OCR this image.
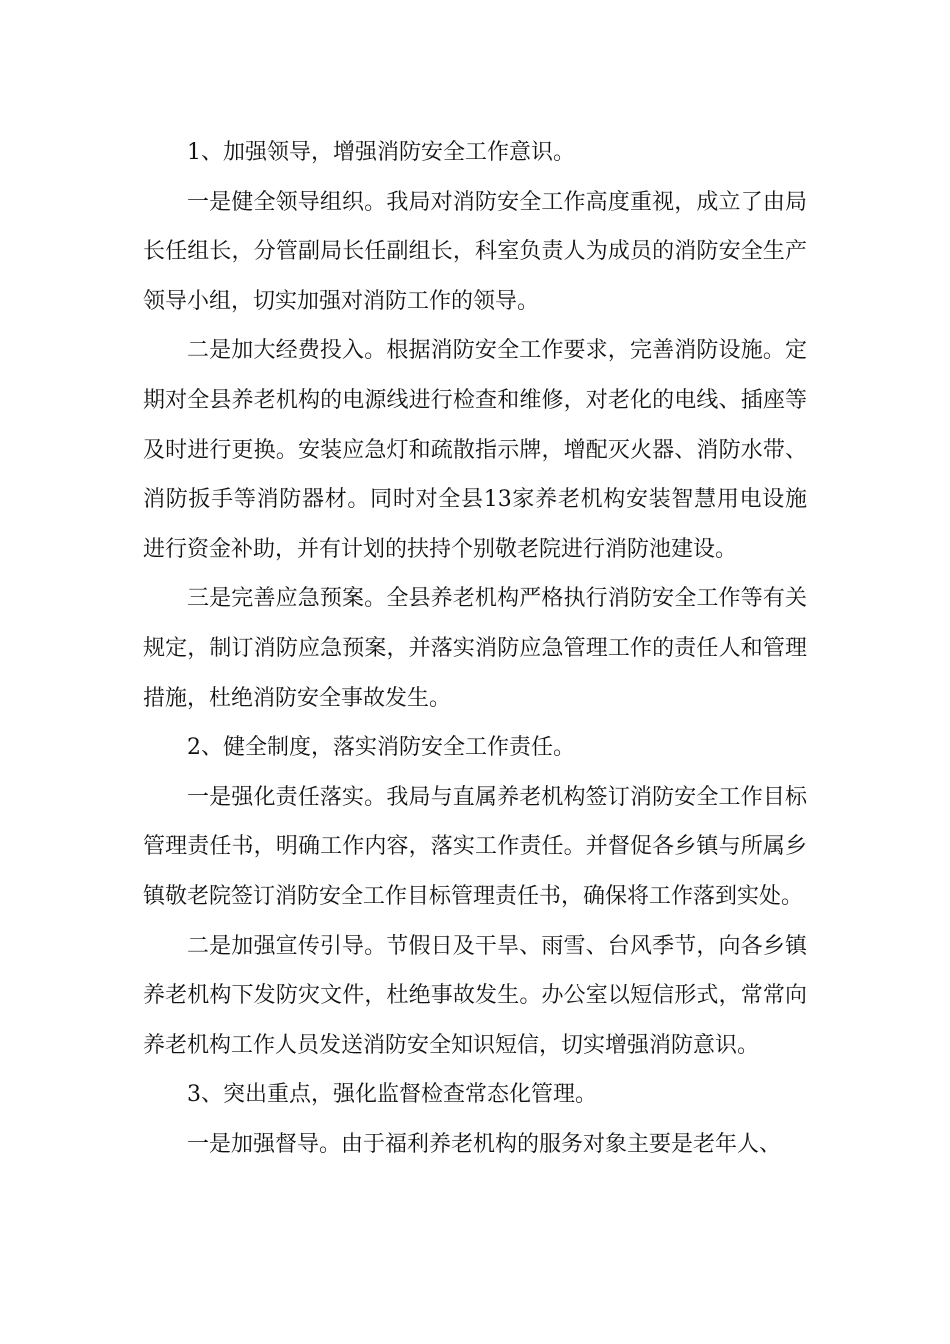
1、加强领导，增强消防安全工作意识。

一是健全领导组织。我局对消防安全工作高度重视，成立了由局长任组长，分管副局长任副组长，科室负责人为成员的消防安全生产领导小组，切实加强对消防工作的领导。

二是加大经费投入。根据消防安全工作要求，完善消防设施。定期对全县养老机构的电源线进行检查和维修，对老化的电线、插座等及时进行更换。安装应急灯和疏散指示牌，增配灭火器、消防水带、消防扳手等消防器材。同时对全县13家养老机构安装智慧用电设施进行资金补助，并有计划的扶持个别敬老院进行消防池建设。

三是完善应急预案。全县养老机构严格执行消防安全工作等有关规定，制订消防应急预案，并落实消防应急管理工作的责任人和管理措施，杜绝消防安全事故发生。

2、健全制度，落实消防安全工作责任。

一是强化责任落实。我局与直属养老机构签订消防安全工作目标管理责任书，明确工作内容，落实工作责任。并督促各乡镇与所属乡镇敬老院签订消防安全工作目标管理责任书，确保将工作落到实处。

二是加强宣传引导。节假日及干旱、雨雪、台风季节，向各乡镇养老机构下发防灾文件，杜绝事故发生。办公室以短信形式，常常向养老机构工作人员发送消防安全知识短信，切实增强消防意识。

3、突出重点，强化监督检查常态化管理。

一是加强督导。由于福利养老机构的服务对象主要是老年人、
